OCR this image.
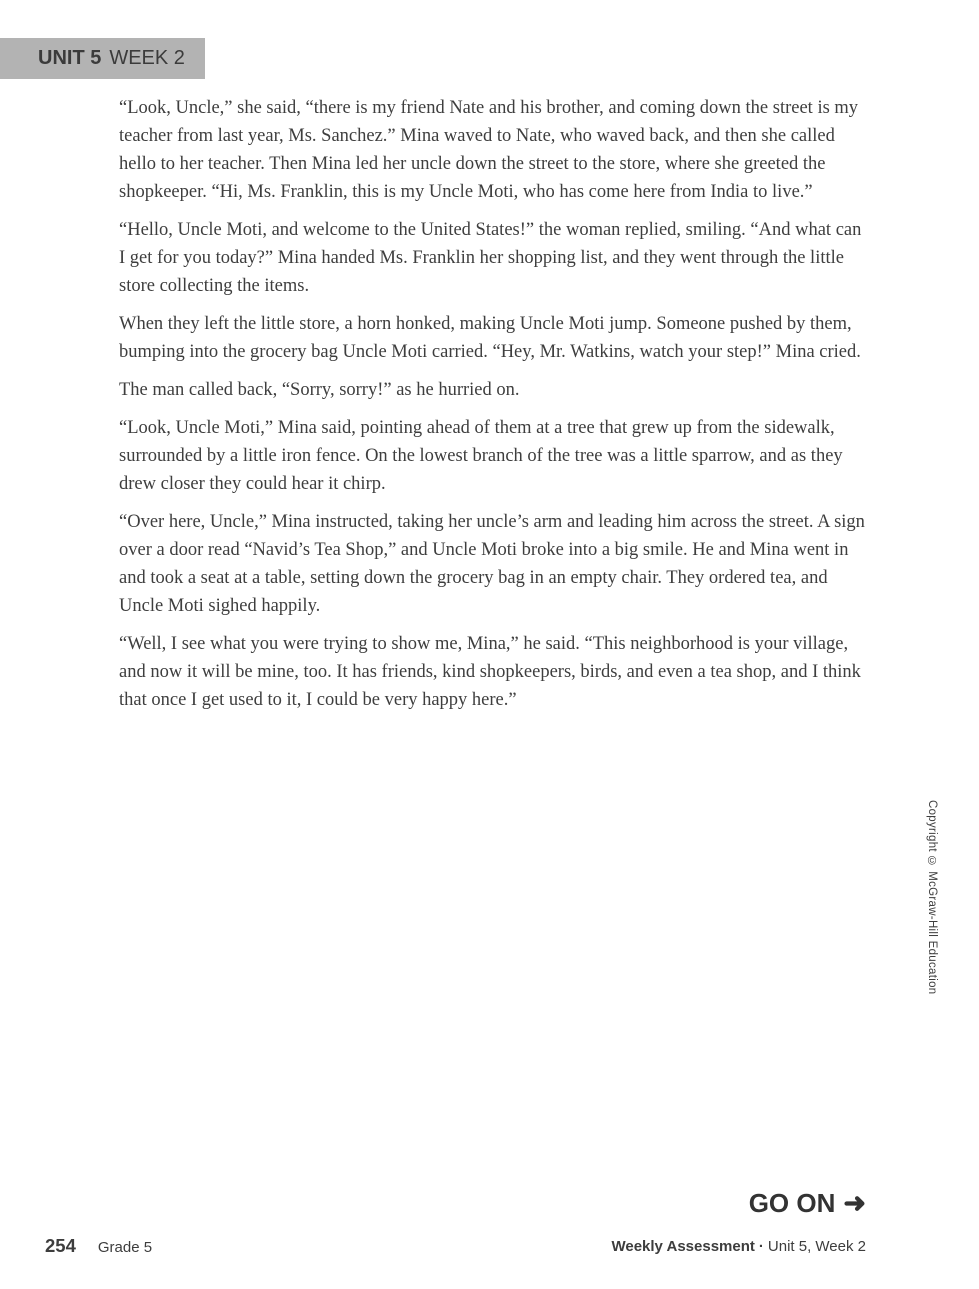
UNIT 5 WEEK 2

“Look, Uncle,” she said, “there is my friend Nate and his brother, and coming down the street is my teacher from last year, Ms. Sanchez.” Mina waved to Nate, who waved back, and then she called hello to her teacher. Then Mina led her uncle down the street to the store, where she greeted the shopkeeper. “Hi, Ms. Franklin, this is my Uncle Moti, who has come here from India to live.”

“Hello, Uncle Moti, and welcome to the United States!” the woman replied, smiling. “And what can I get for you today?” Mina handed Ms. Franklin her shopping list, and they went through the little store collecting the items.

When they left the little store, a horn honked, making Uncle Moti jump. Someone pushed by them, bumping into the grocery bag Uncle Moti carried. “Hey, Mr. Watkins, watch your step!” Mina cried.

The man called back, “Sorry, sorry!” as he hurried on.

“Look, Uncle Moti,” Mina said, pointing ahead of them at a tree that grew up from the sidewalk, surrounded by a little iron fence. On the lowest branch of the tree was a little sparrow, and as they drew closer they could hear it chirp.

“Over here, Uncle,” Mina instructed, taking her uncle’s arm and leading him across the street. A sign over a door read “Navid’s Tea Shop,” and Uncle Moti broke into a big smile. He and Mina went in and took a seat at a table, setting down the grocery bag in an empty chair. They ordered tea, and Uncle Moti sighed happily.

“Well, I see what you were trying to show me, Mina,” he said. “This neighborhood is your village, and now it will be mine, too. It has friends, kind shopkeepers, birds, and even a tea shop, and I think that once I get used to it, I could be very happy here.”

Copyright © McGraw-Hill Education
GO ON ➜
254 Grade 5	Weekly Assessment · Unit 5, Week 2
